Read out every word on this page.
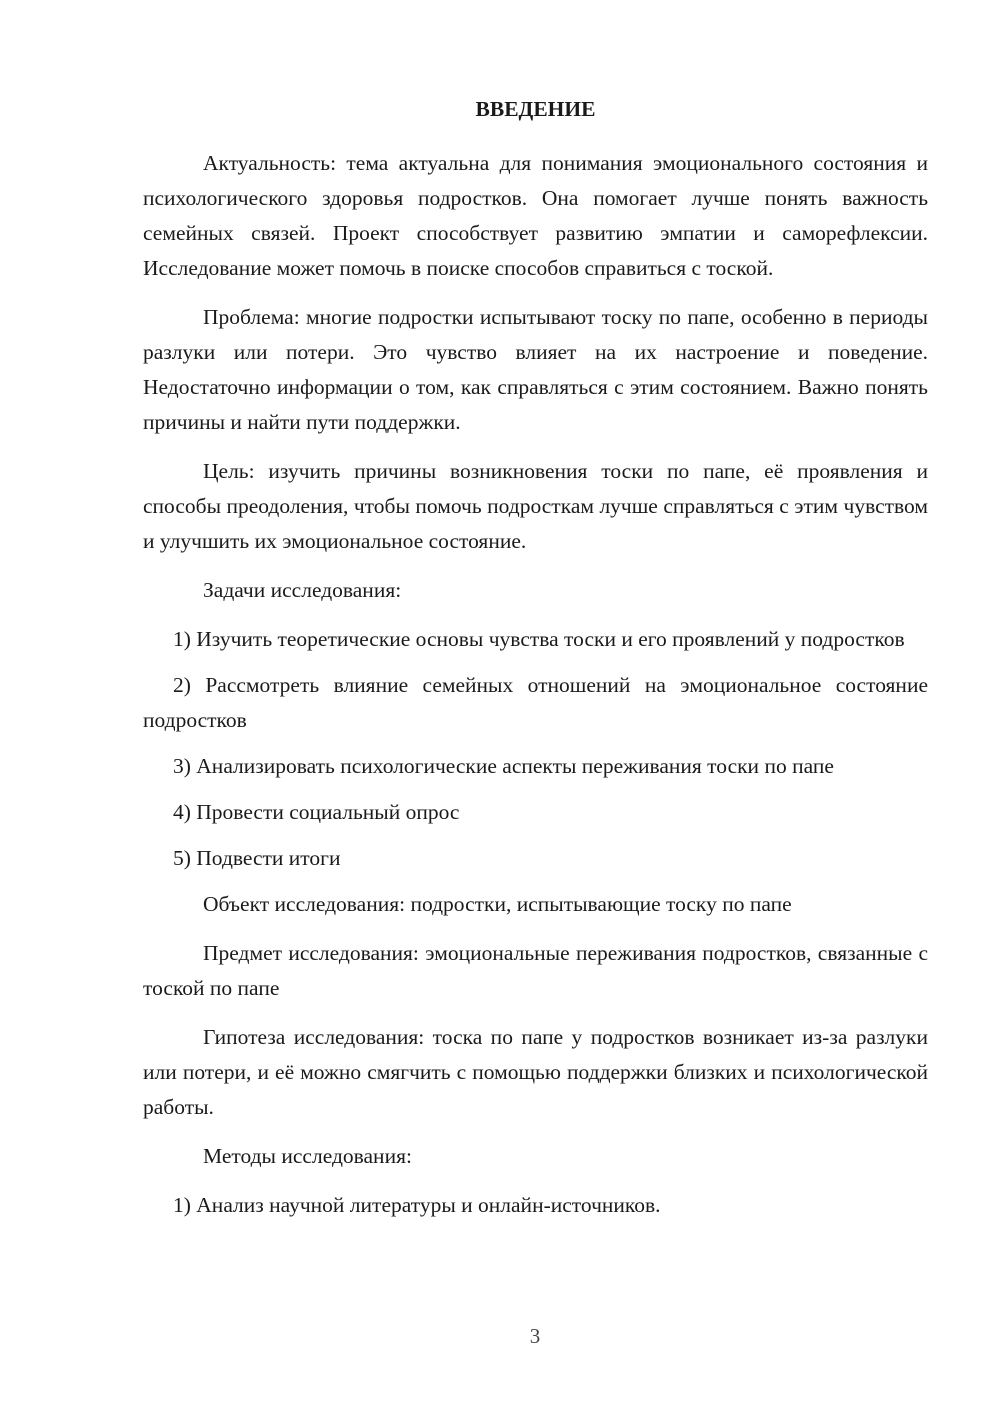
ВВЕДЕНИЕ

Актуальность: тема актуальна для понимания эмоционального состояния и психологического здоровья подростков. Она помогает лучше понять важность семейных связей. Проект способствует развитию эмпатии и саморефлексии. Исследование может помочь в поиске способов справиться с тоской.

Проблема: многие подростки испытывают тоску по папе, особенно в периоды разлуки или потери. Это чувство влияет на их настроение и поведение. Недостаточно информации о том, как справляться с этим состоянием. Важно понять причины и найти пути поддержки.

Цель: изучить причины возникновения тоски по папе, её проявления и способы преодоления, чтобы помочь подросткам лучше справляться с этим чувством и улучшить их эмоциональное состояние.

Задачи исследования:

1) Изучить теоретические основы чувства тоски и его проявлений у подростков

2) Рассмотреть влияние семейных отношений на эмоциональное состояние подростков

3) Анализировать психологические аспекты переживания тоски по папе

4) Провести социальный опрос

5) Подвести итоги

Объект исследования: подростки, испытывающие тоску по папе

Предмет исследования: эмоциональные переживания подростков, связанные с тоской по папе

Гипотеза исследования: тоска по папе у подростков возникает из-за разлуки или потери, и её можно смягчить с помощью поддержки близких и психологической работы.

Методы исследования:

1) Анализ научной литературы и онлайн-источников.

3
